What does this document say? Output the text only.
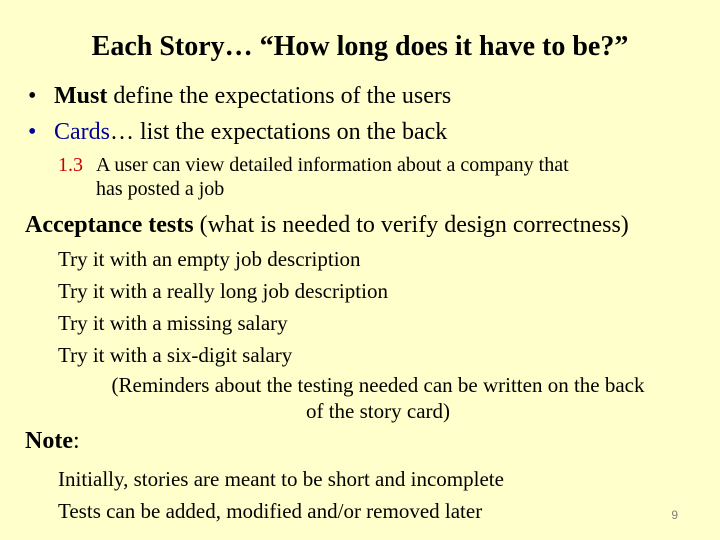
Each Story… “How long does it have to be?”
• Must define the expectations of the users
• Cards… list the expectations on the back
1.3 A user can view detailed information about a company that
has posted a job
Acceptance tests (what is needed to verify design correctness)
Try it with an empty job description
Try it with a really long job description
Try it with a missing salary
Try it with a six-digit salary
(Reminders about the testing needed can be written on the back
of the story card)
Note:
Initially, stories are meant to be short and incomplete
Tests can be added, modified and/or removed later	9
